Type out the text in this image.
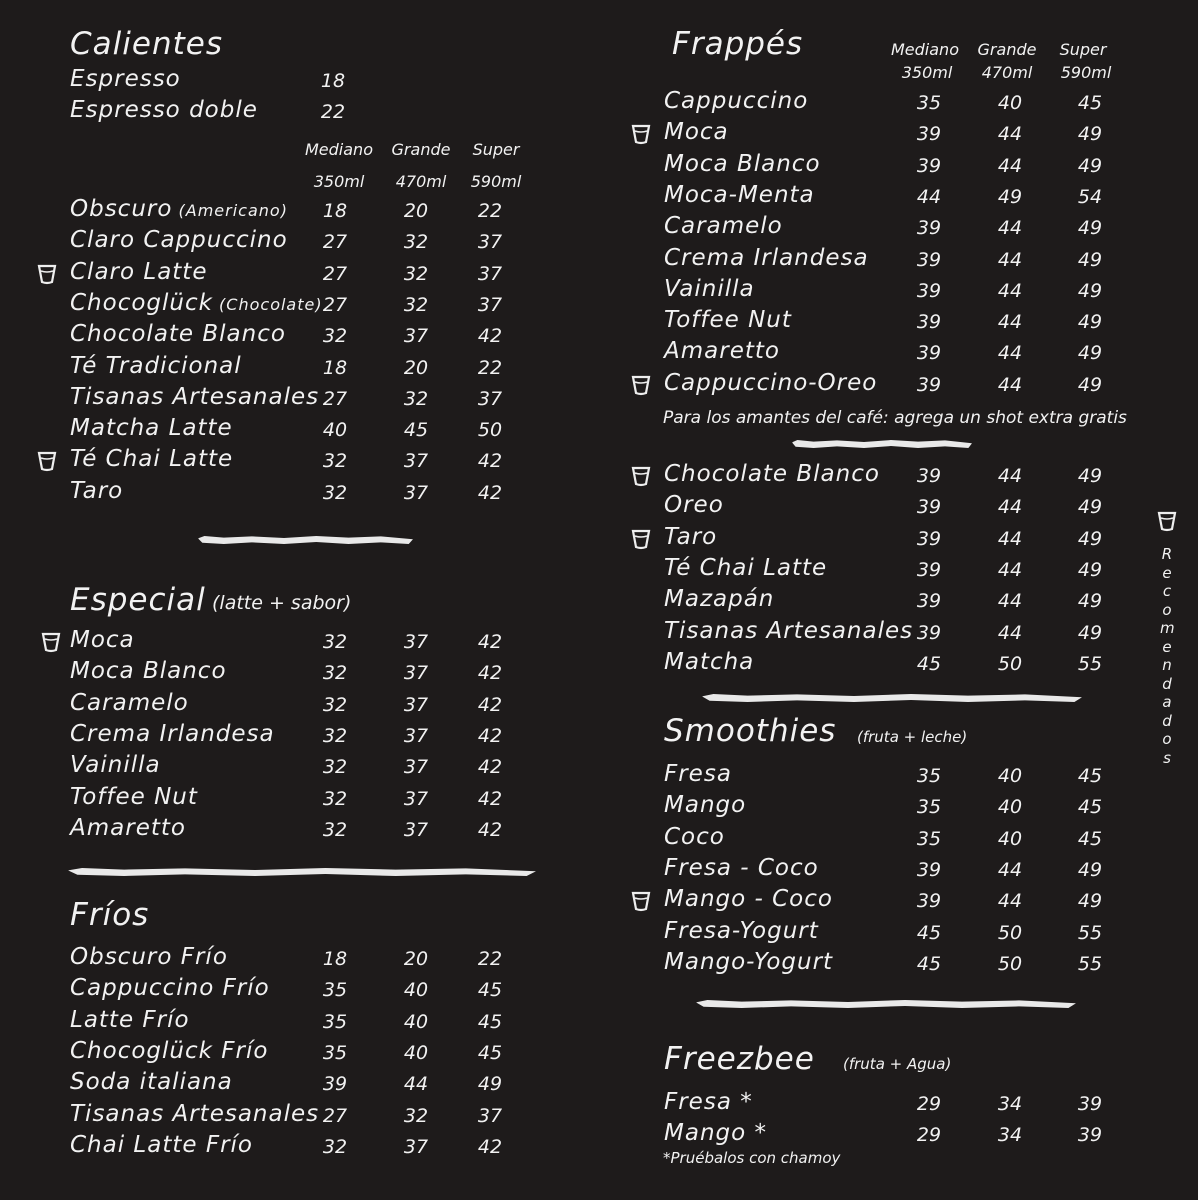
Calientes
Espresso	18
Espresso doble	22
Mediano	Grande	Super
350ml	470ml	590ml
Obscuro (Americano)	18	20	22
Claro Cappuccino	27	32	37
Claro Latte	27	32	37
Chocoglück (Chocolate) 27	32	37
Chocolate Blanco	32	37	42
Té Tradicional	18	20	22
Tisanas Artesanales 27	32	37
Matcha Latte	40	45	50
Té Chai Latte	32	37	42
Taro	32	37	42
Especial (latte + sabor)
Moca	32	37	42
Moca Blanco	32	37	42
Caramelo	32	37	42
Crema Irlandesa	32	37	42
Vainilla	32	37	42
Toffee Nut	32	37	42
Amaretto	32	37	42
Fríos
Obscuro Frío	18	20	22
Cappuccino Frío	35	40	45
Latte Frío	35	40	45
Chocoglück Frío	35	40	45
Soda italiana	39	44	49
Tisanas Artesanales 27	32	37
Chai Latte Frío	32	37	42
Frappés	Mediano	Grande	Super
350ml	470ml	590ml
Cappuccino	35	40	45
Moca	39	44	49
Moca Blanco	39	44	49
Moca-Menta	44	49	54
Caramelo	39	44	49
Crema Irlandesa	39	44	49
Vainilla	39	44	49
Toffee Nut	39	44	49
Amaretto	39	44	49
Cappuccino-Oreo	39	44	49
Para los amantes del café: agrega un shot extra gratis
Chocolate Blanco	39	44	49
Oreo	39	44	49
Taro	39	44	49
Té Chai Latte	39	44	49
Mazapán	39	44	49
Tisanas Artesanales 39	44	49
Matcha	45	50	55
Smoothies (fruta + leche)
Fresa	35	40	45
Mango	35	40	45
Coco	35	40	45
Fresa - Coco	39	44	49
Mango - Coco	39	44	49
Fresa-Yogurt	45	50	55
Mango-Yogurt	45	50	55
Freezbee (fruta + Agua)
Fresa *	29	34	39
Mango *	29	34	39
*Pruébalos con chamoy
R
e
c
o
m
e
n
d
a
d
o
s
